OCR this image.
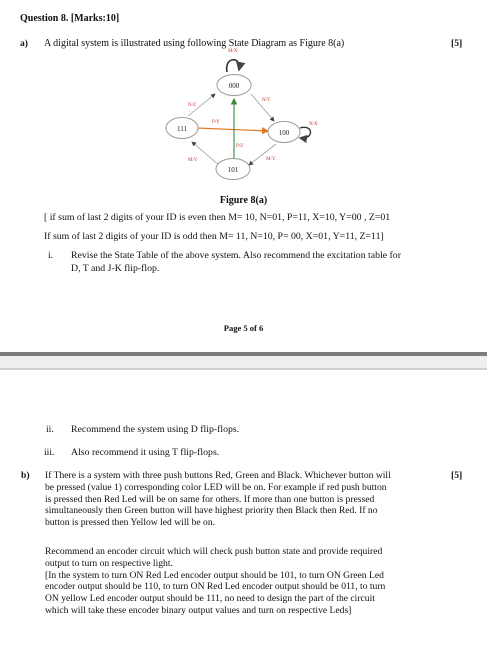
Question 8. [Marks:10]
a) A digital system is illustrated using following State Diagram as Figure 8(a)	[5]
000
111	100
101
M/X
N/Z
N/Y
P/Y	N/X
P/Z
M/Y	M/Y
Figure 8(a)
[ if sum of last 2 digits of your ID is even then M= 10, N=01, P=11, X=10, Y=00 , Z=01
If sum of last 2 digits of your ID is odd then M= 11, N=10, P= 00, X=01, Y=11, Z=11]
i. Revise the State Table of the above system. Also recommend the excitation table for
D, T and J-K flip-flop.
Page 5 of 6
ii. Recommend the system using D flip-flops.
iii. Also recommend it using T flip-flops.
b)	[5]
If There is a system with three push buttons Red, Green and Black. Whichever button will
be pressed (value 1) corresponding color LED will be on. For example if red push button
is pressed then Red Led will be on same for others. If more than one button is pressed
simultaneously then Green button will have highest priority then Black then Red. If no
button is pressed then Yellow led will be on.
Recommend an encoder circuit which will check push button state and provide required
output to turn on respective light.
[In the system to turn ON Red Led encoder output should be 101, to turn ON Green Led
encoder output should be 110, to turn ON Red Led encoder output should be 011, to turn
ON yellow Led encoder output should be 111, no need to design the part of the circuit
which will take these encoder binary output values and turn on respective Leds]
